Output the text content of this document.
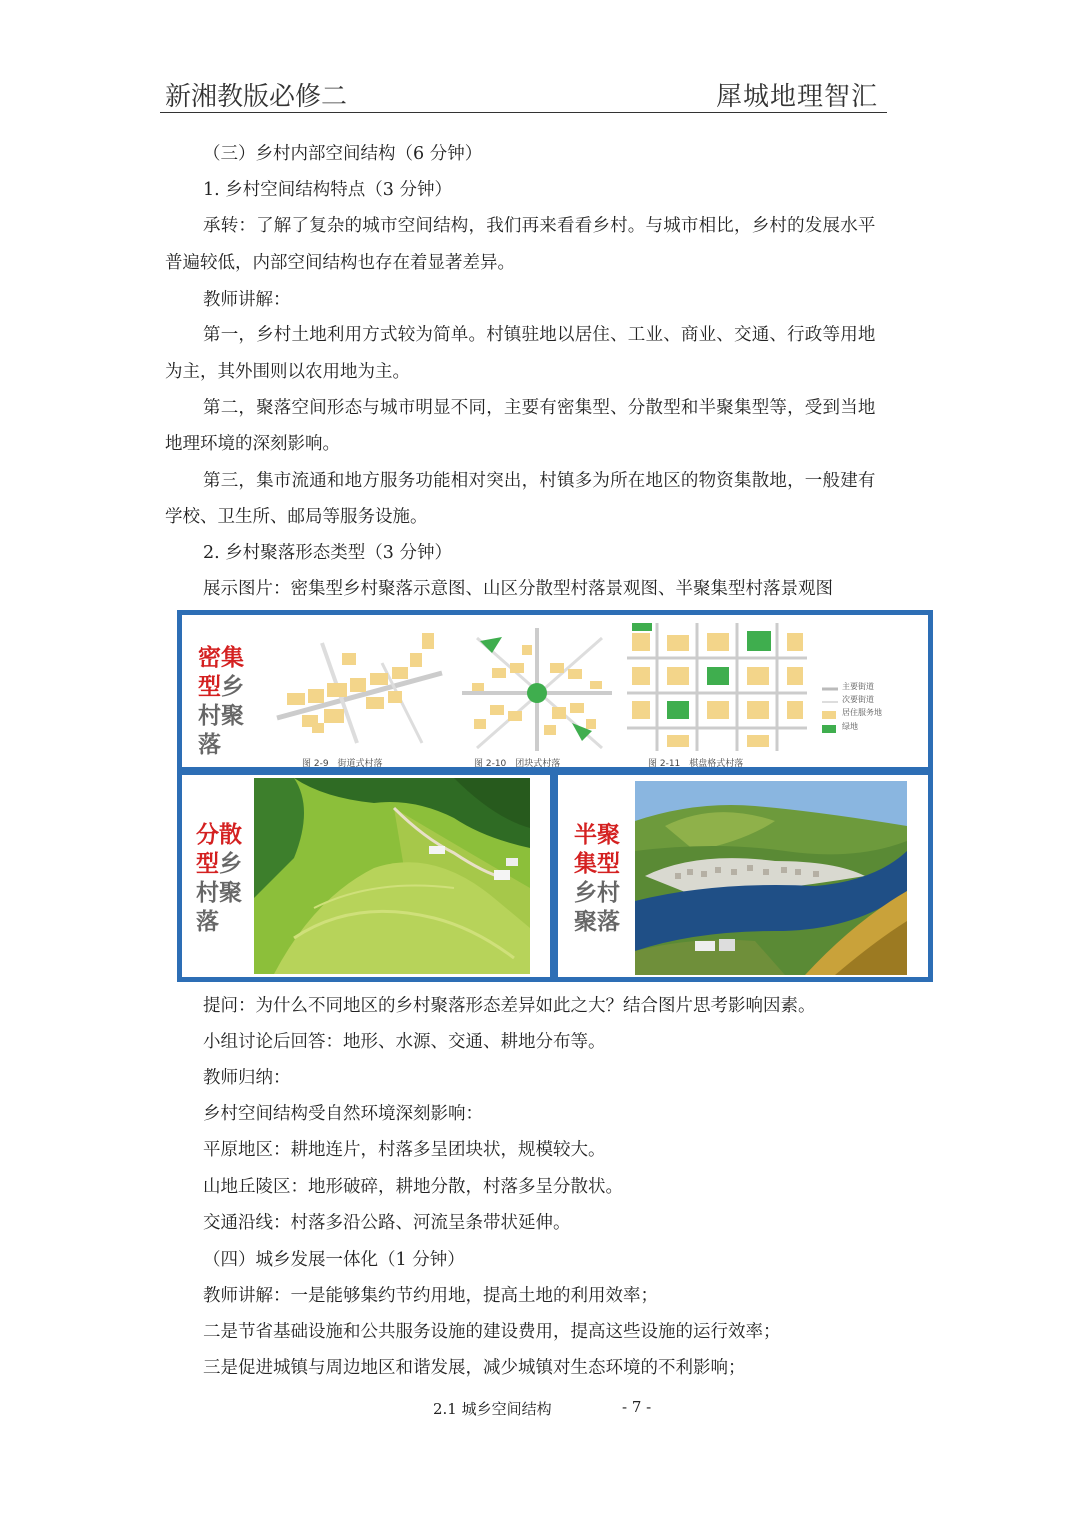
新湘教版必修二	犀城地理智汇
（三）乡村内部空间结构（6 分钟）
1. 乡村空间结构特点（3 分钟）
承转：了解了复杂的城市空间结构，我们再来看看乡村。与城市相比，乡村的发展水平
普遍较低，内部空间结构也存在着显著差异。
教师讲解：
第一，乡村土地利用方式较为简单。村镇驻地以居住、工业、商业、交通、行政等用地
为主，其外围则以农用地为主。
第二，聚落空间形态与城市明显不同，主要有密集型、分散型和半聚集型等，受到当地
地理环境的深刻影响。
第三，集市流通和地方服务功能相对突出，村镇多为所在地区的物资集散地，一般建有
学校、卫生所、邮局等服务设施。
2. 乡村聚落形态类型（3 分钟）
展示图片：密集型乡村聚落示意图、山区分散型村落景观图、半聚集型村落景观图
密集
型乡
村聚
落
主要街道
次要街道
居住服务地
绿地
图 2-9　街道式村落	图 2-10　团块式村落	图 2-11　棋盘格式村落
分散
型乡
村聚
落
半聚
集型
乡村
聚落
提问：为什么不同地区的乡村聚落形态差异如此之大？结合图片思考影响因素。
小组讨论后回答：地形、水源、交通、耕地分布等。
教师归纳：
乡村空间结构受自然环境深刻影响：
平原地区：耕地连片，村落多呈团块状，规模较大。
山地丘陵区：地形破碎，耕地分散，村落多呈分散状。
交通沿线：村落多沿公路、河流呈条带状延伸。
（四）城乡发展一体化（1 分钟）
教师讲解：一是能够集约节约用地，提高土地的利用效率；
二是节省基础设施和公共服务设施的建设费用，提高这些设施的运行效率；
三是促进城镇与周边地区和谐发展，减少城镇对生态环境的不利影响；
2.1 城乡空间结构	- 7 -
